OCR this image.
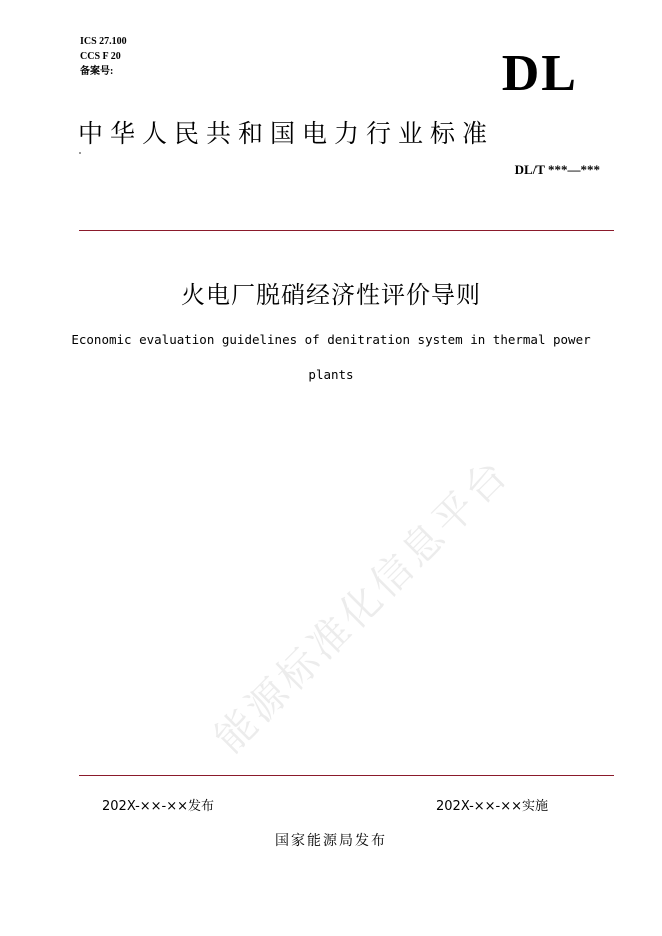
ICS 27.100
CCS F 20
备案号:	DL
中华人民共和国电力行业标准
DL/T ***—***
火电厂脱硝经济性评价导则
Economic evaluation guidelines of denitration system in thermal power plants
能源标准化信息平台
202X-××-××发布	202X-××-××实施
国家能源局发布
